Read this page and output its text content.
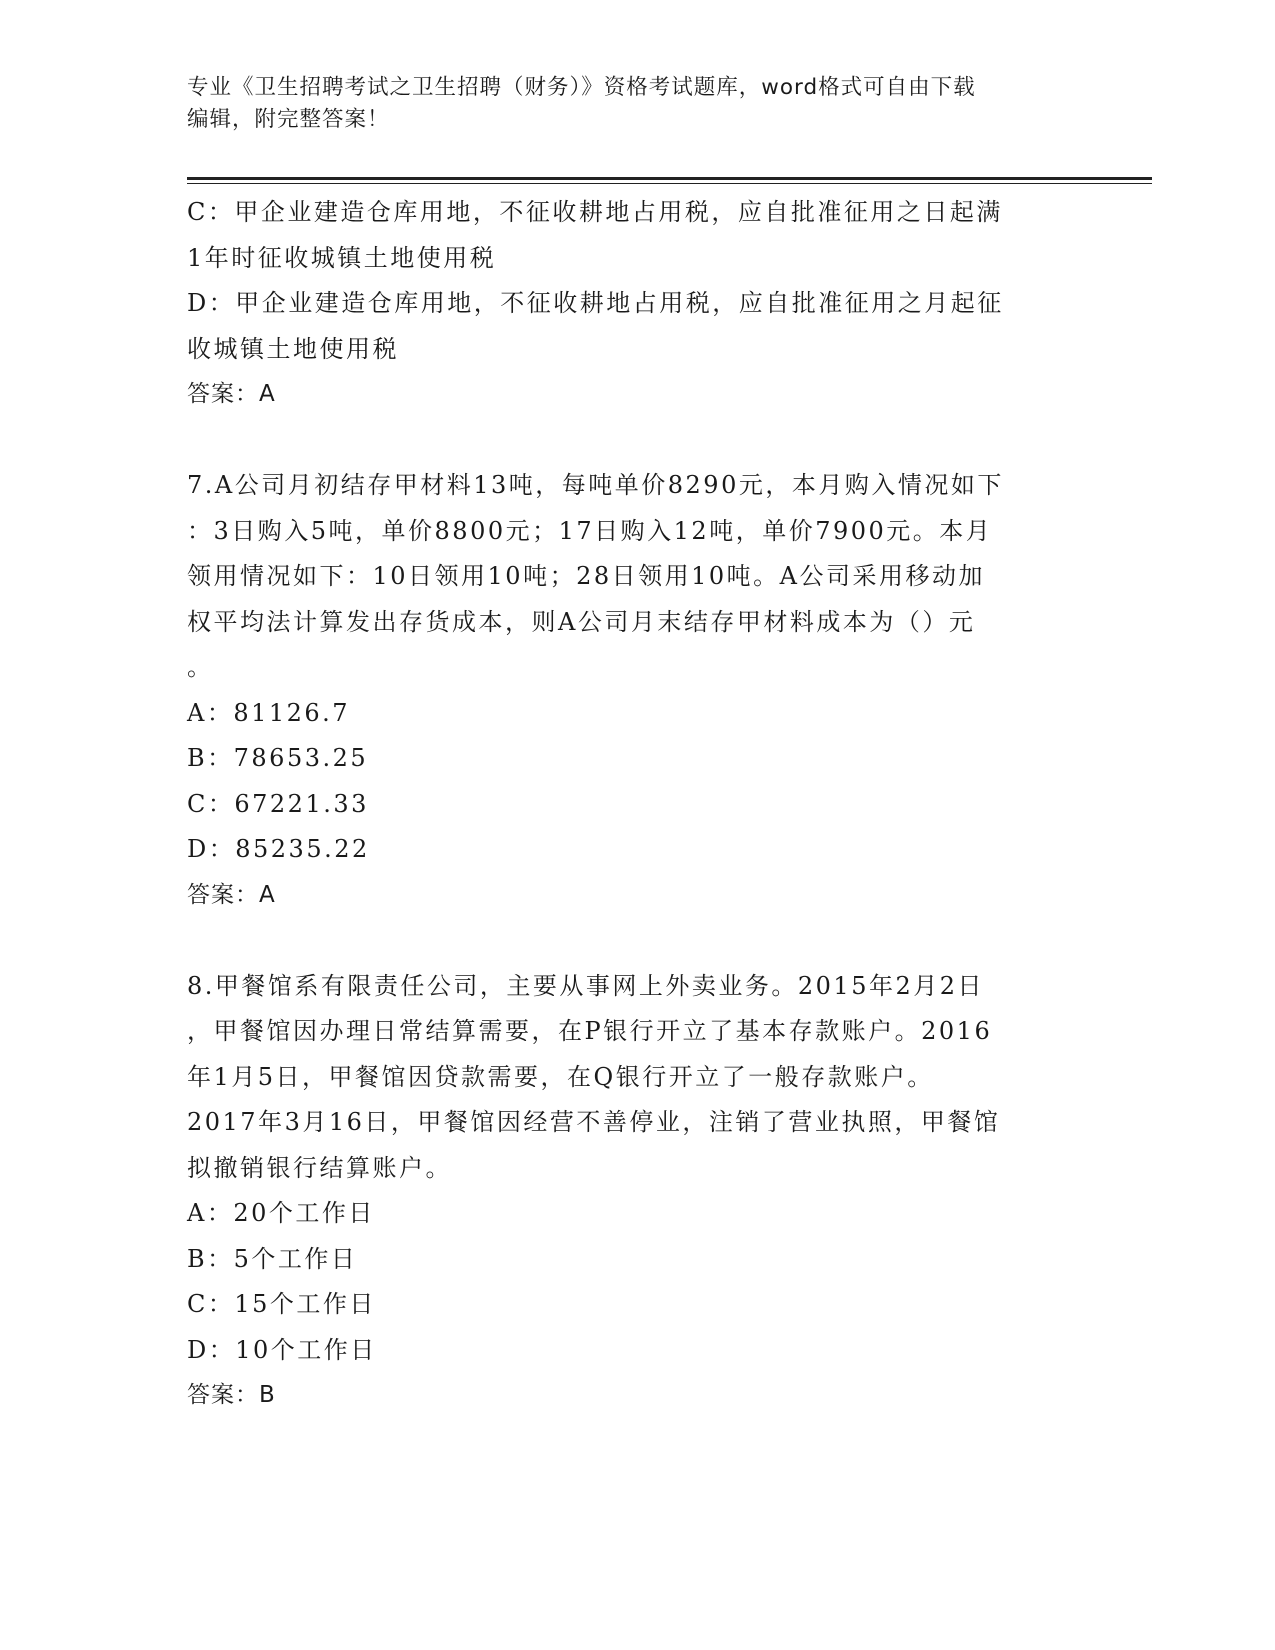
专业《卫生招聘考试之卫生招聘（财务）》资格考试题库，word格式可自由下载
编辑，附完整答案！
C：甲企业建造仓库用地，不征收耕地占用税，应自批准征用之日起满
1年时征收城镇土地使用税
D：甲企业建造仓库用地，不征收耕地占用税，应自批准征用之月起征
收城镇土地使用税
答案：A
7.A公司月初结存甲材料13吨，每吨单价8290元，本月购入情况如下
：3日购入5吨，单价8800元；17日购入12吨，单价7900元。本月
领用情况如下：10日领用10吨；28日领用10吨。A公司采用移动加
权平均法计算发出存货成本，则A公司月末结存甲材料成本为（）元
。
A：81126.7
B：78653.25
C：67221.33
D：85235.22
答案：A
8.甲餐馆系有限责任公司，主要从事网上外卖业务。2015年2月2日
，甲餐馆因办理日常结算需要，在P银行开立了基本存款账户。2016
年1月5日，甲餐馆因贷款需要，在Q银行开立了一般存款账户。
2017年3月16日，甲餐馆因经营不善停业，注销了营业执照，甲餐馆
拟撤销银行结算账户。
A：20个工作日
B：5个工作日
C：15个工作日
D：10个工作日
答案：B
